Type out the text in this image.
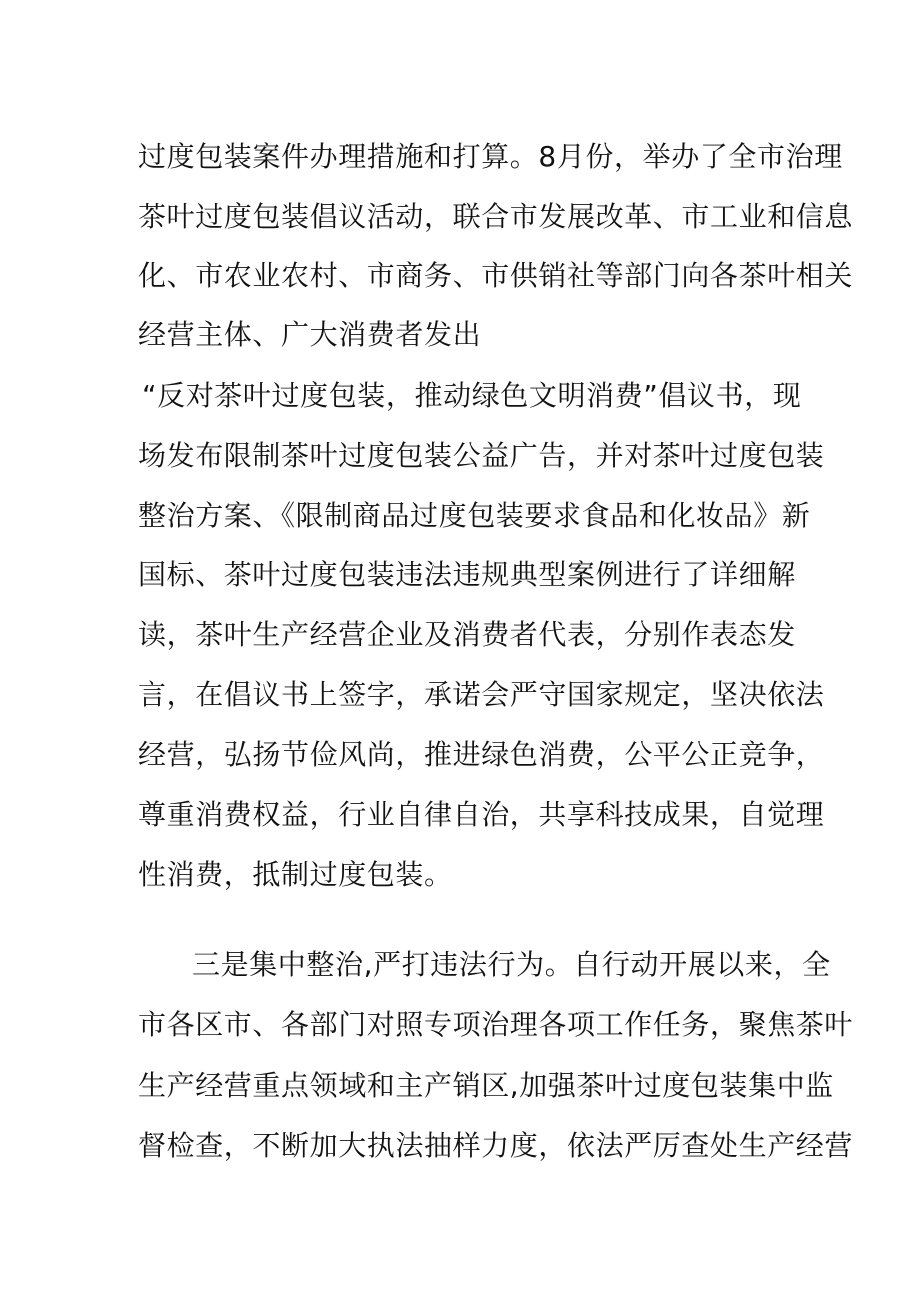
过度包装案件办理措施和打算。8月份，举办了全市治理
茶叶过度包装倡议活动，联合市发展改革、市工业和信息
化、市农业农村、市商务、市供销社等部门向各茶叶相关
经营主体、广大消费者发出
“反对茶叶过度包装，推动绿色文明消费”倡议书，现
场发布限制茶叶过度包装公益广告，并对茶叶过度包装
整治方案、《限制商品过度包装要求食品和化妆品》新
国标、茶叶过度包装违法违规典型案例进行了详细解
读，茶叶生产经营企业及消费者代表，分别作表态发
言，在倡议书上签字，承诺会严守国家规定，坚决依法
经营，弘扬节俭风尚，推进绿色消费，公平公正竞争，
尊重消费权益，行业自律自治，共享科技成果，自觉理
性消费，抵制过度包装。
三是集中整治,严打违法行为。自行动开展以来，全
市各区市、各部门对照专项治理各项工作任务，聚焦茶叶
生产经营重点领域和主产销区,加强茶叶过度包装集中监
督检查，不断加大执法抽样力度，依法严厉查处生产经营
